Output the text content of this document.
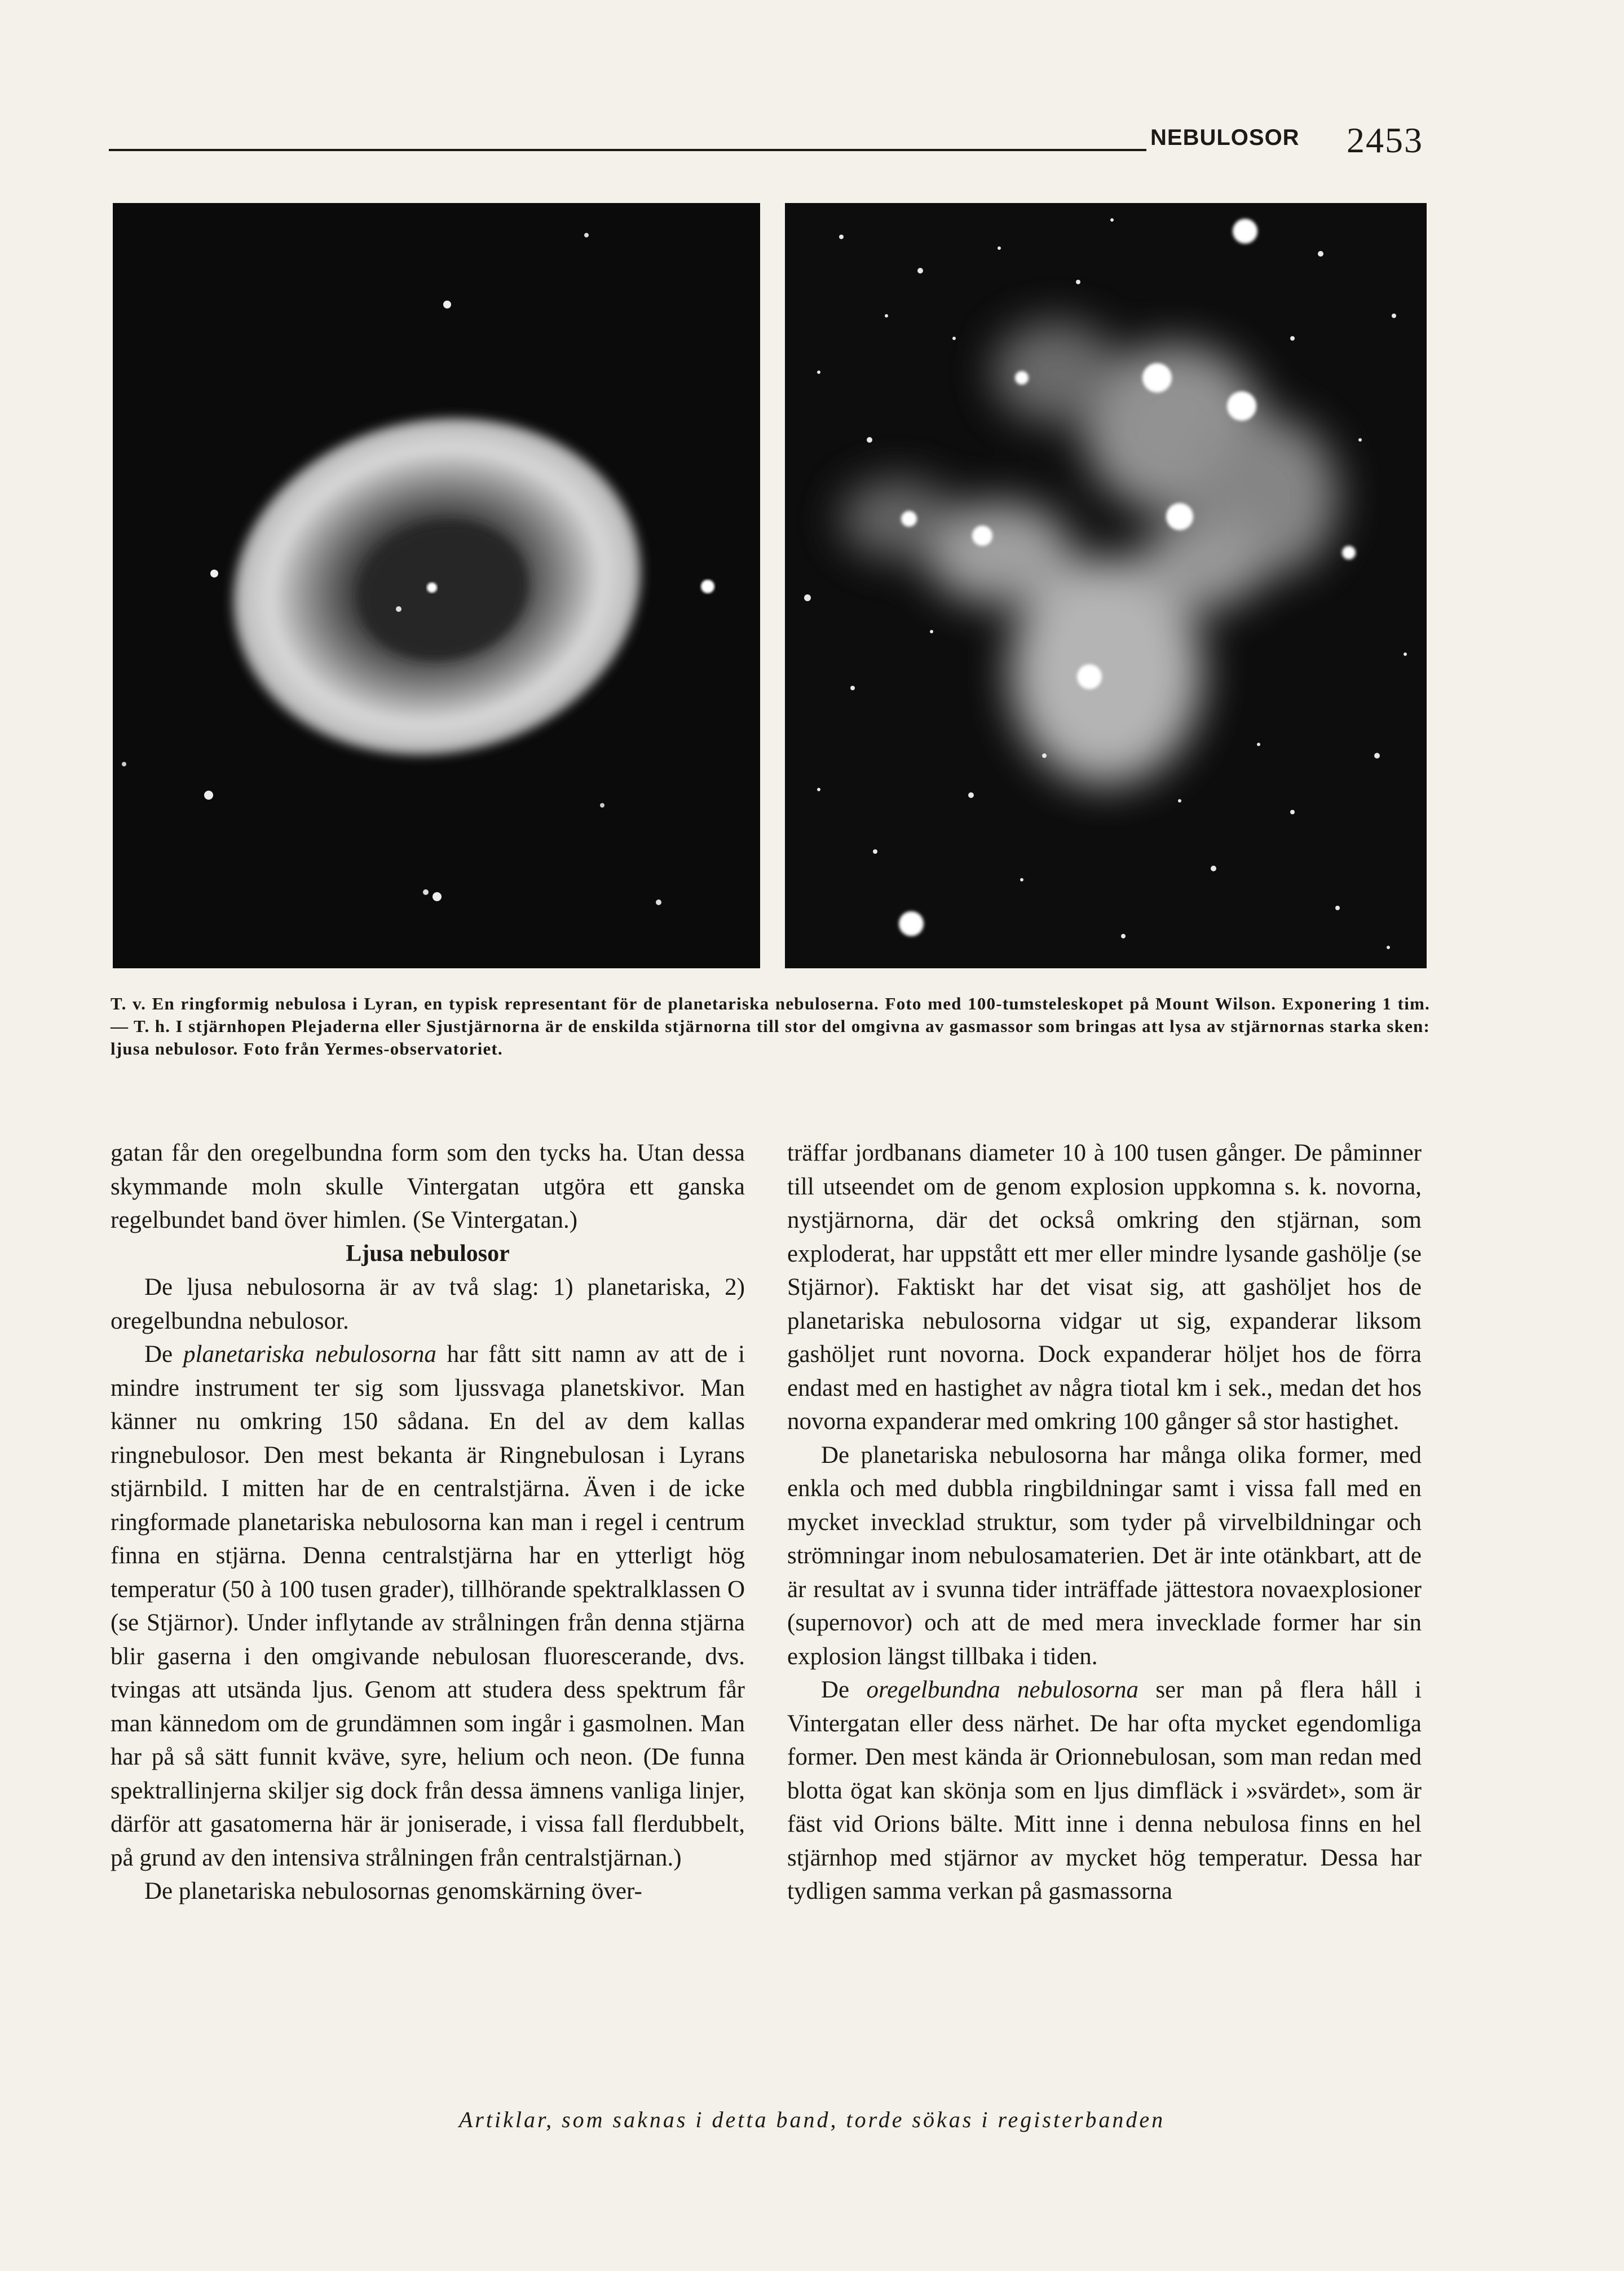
NEBULOSOR 2453

T. v. En ringformig nebulosa i Lyran, en typisk representant för de planetariska nebuloserna. Foto med 100-tumsteleskopet på Mount Wilson. Exponering 1 tim. — T. h. I stjärnhopen Plejaderna eller Sjustjärnorna är de enskilda stjärnorna till stor del omgivna av gasmassor som bringas att lysa av stjärnornas starka sken: ljusa nebulosor. Foto från Yermes-observatoriet.

gatan får den oregelbundna form som den tycks ha. Utan dessa skymmande moln skulle Vintergatan utgöra ett ganska regelbundet band över himlen. (Se Vintergatan.)

Ljusa nebulosor

De ljusa nebulosorna är av två slag: 1) planetariska, 2) oregelbundna nebulosor.

De planetariska nebulosorna har fått sitt namn av att de i mindre instrument ter sig som ljussvaga planetskivor. Man känner nu omkring 150 sådana. En del av dem kallas ringnebulosor. Den mest bekanta är Ringnebulosan i Lyrans stjärnbild. I mitten har de en centralstjärna. Även i de icke ringformade planetariska nebulosorna kan man i regel i centrum finna en stjärna. Denna centralstjärna har en ytterligt hög temperatur (50 à 100 tusen grader), tillhörande spektralklassen O (se Stjärnor). Under inflytande av strålningen från denna stjärna blir gaserna i den omgivande nebulosan fluorescerande, dvs. tvingas att utsända ljus. Genom att studera dess spektrum får man kännedom om de grundämnen som ingår i gasmolnen. Man har på så sätt funnit kväve, syre, helium och neon. (De funna spektrallinjerna skiljer sig dock från dessa ämnens vanliga linjer, därför att gasatomerna här är joniserade, i vissa fall flerdubbelt, på grund av den intensiva strålningen från centralstjärnan.)

De planetariska nebulosornas genomskärning över-

träffar jordbanans diameter 10 à 100 tusen gånger. De påminner till utseendet om de genom explosion uppkomna s. k. novorna, nystjärnorna, där det också omkring den stjärnan, som exploderat, har uppstått ett mer eller mindre lysande gashölje (se Stjärnor). Faktiskt har det visat sig, att gashöljet hos de planetariska nebulosorna vidgar ut sig, expanderar liksom gashöljet runt novorna. Dock expanderar höljet hos de förra endast med en hastighet av några tiotal km i sek., medan det hos novorna expanderar med omkring 100 gånger så stor hastighet.

De planetariska nebulosorna har många olika former, med enkla och med dubbla ringbildningar samt i vissa fall med en mycket invecklad struktur, som tyder på virvelbildningar och strömningar inom nebulosamaterien. Det är inte otänkbart, att de är resultat av i svunna tider inträffade jättestora novaexplosioner (supernovor) och att de med mera invecklade former har sin explosion längst tillbaka i tiden.

De oregelbundna nebulosorna ser man på flera håll i Vintergatan eller dess närhet. De har ofta mycket egendomliga former. Den mest kända är Orionnebulosan, som man redan med blotta ögat kan skönja som en ljus dimfläck i »svärdet», som är fäst vid Orions bälte. Mitt inne i denna nebulosa finns en hel stjärnhop med stjärnor av mycket hög temperatur. Dessa har tydligen samma verkan på gasmassorna

Artiklar, som saknas i detta band, torde sökas i registerbanden
